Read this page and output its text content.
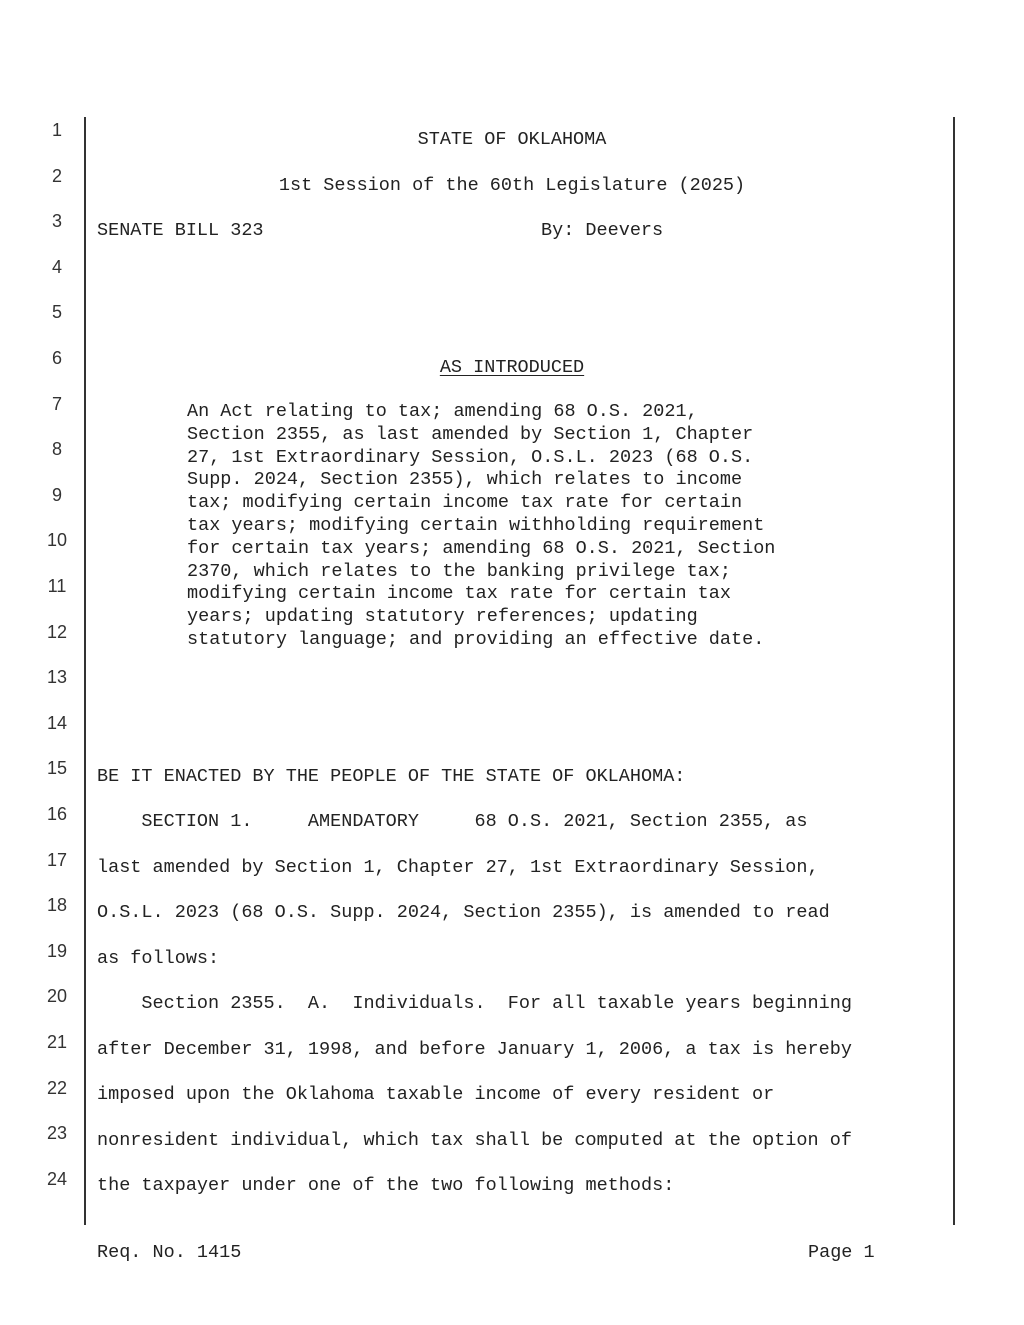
1
2
3
4
5
6
7
8
9
10
11
12
13
14
15
16
17
18
19
20
21
22
23
24
STATE OF OKLAHOMA
1st Session of the 60th Legislature (2025)
SENATE BILL 323	By: Deevers
AS INTRODUCED
An Act relating to tax; amending 68 O.S. 2021,
Section 2355, as last amended by Section 1, Chapter
27, 1st Extraordinary Session, O.S.L. 2023 (68 O.S.
Supp. 2024, Section 2355), which relates to income
tax; modifying certain income tax rate for certain
tax years; modifying certain withholding requirement
for certain tax years; amending 68 O.S. 2021, Section
2370, which relates to the banking privilege tax;
modifying certain income tax rate for certain tax
years; updating statutory references; updating
statutory language; and providing an effective date.
BE IT ENACTED BY THE PEOPLE OF THE STATE OF OKLAHOMA:
SECTION 1.     AMENDATORY     68 O.S. 2021, Section 2355, as
last amended by Section 1, Chapter 27, 1st Extraordinary Session,
O.S.L. 2023 (68 O.S. Supp. 2024, Section 2355), is amended to read
as follows:
Section 2355.  A.  Individuals.  For all taxable years beginning
after December 31, 1998, and before January 1, 2006, a tax is hereby
imposed upon the Oklahoma taxable income of every resident or
nonresident individual, which tax shall be computed at the option of
the taxpayer under one of the two following methods:
Req. No. 1415	Page 1
